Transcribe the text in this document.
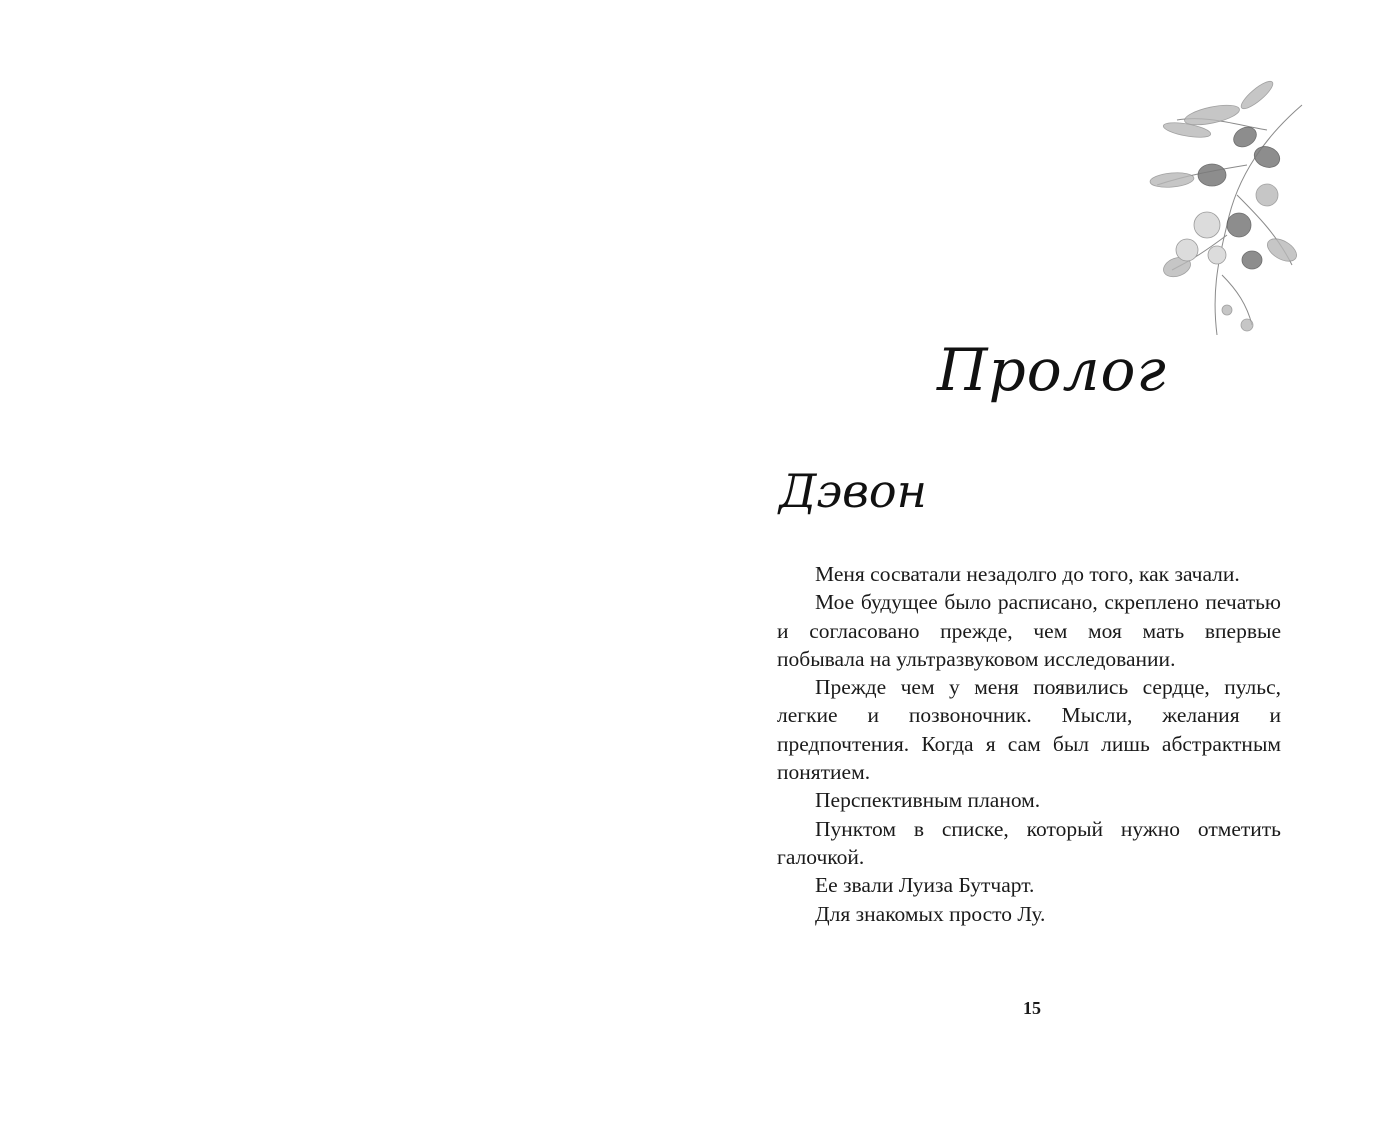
Пролог
Дэвон

Меня сосватали незадолго до того, как зачали.

Мое будущее было расписано, скреплено печатью и согласовано прежде, чем моя мать впервые побывала на ультразвуковом исследовании.

Прежде чем у меня появились сердце, пульс, легкие и позвоночник. Мысли, желания и предпочтения. Когда я сам был лишь абстрактным понятием.

Перспективным планом.

Пунктом в списке, который нужно отметить галочкой.

Ее звали Луиза Бутчарт.

Для знакомых просто Лу.

15
